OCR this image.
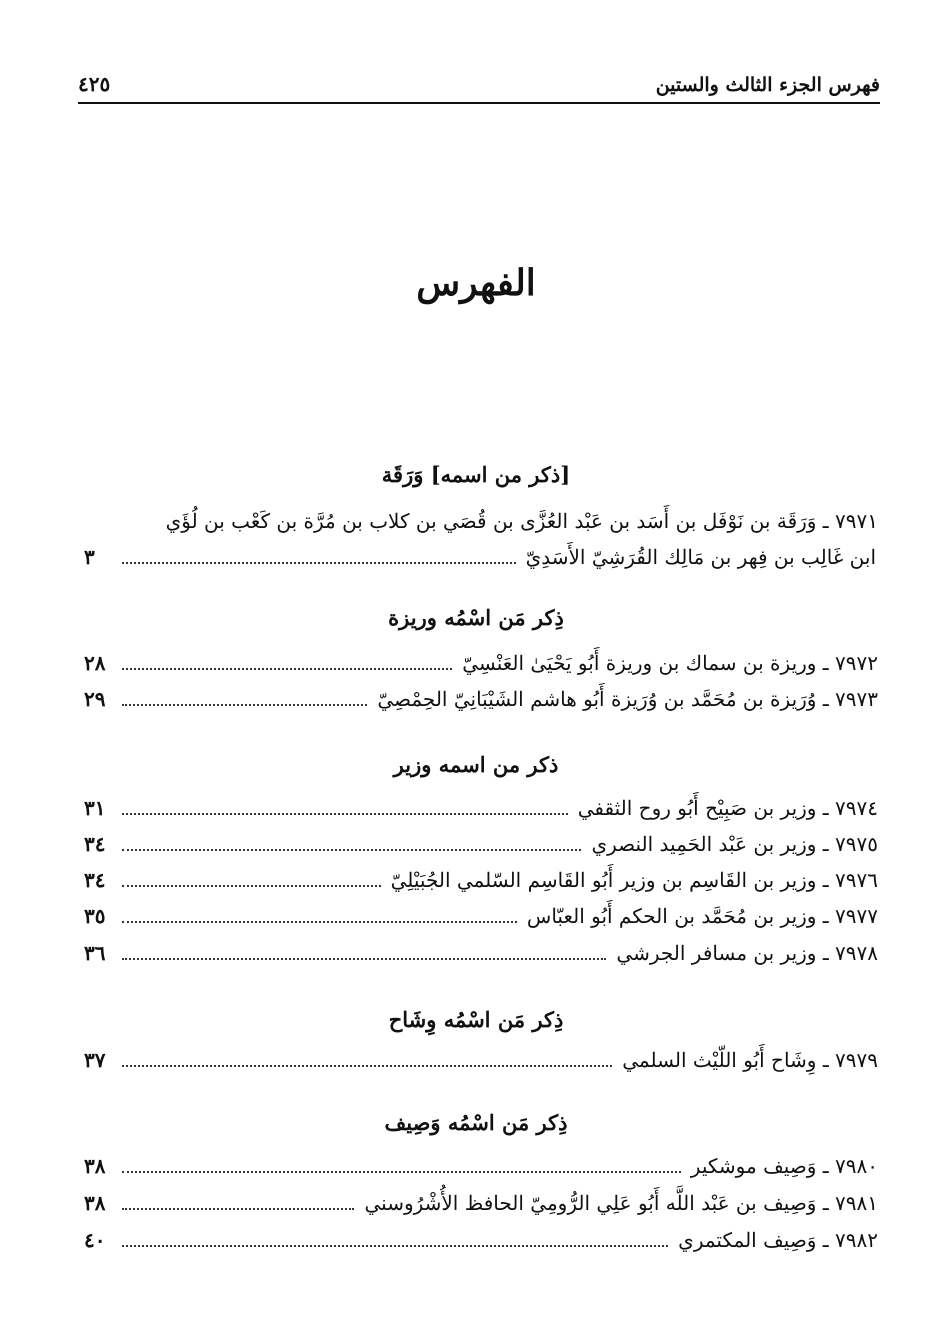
فهرس الجزء الثالث والستين
٤٢٥
الفهرس
[ذكر من اسمه] وَرَقَة
٧٩٧١ ـ وَرَقَة بن نَوْفَل بن أَسَد بن عَبْد العُزَّى بن قُصَي بن كلاب بن مُرَّة بن كَعْب بن لُؤَي
ابن غَالِب بن فِهر بن مَالِك القُرَشِيّ الأَسَدِيّ
٣
ذِكر مَن اسْمُه وريزة
٧٩٧٢ ـ وريزة بن سماك بن وريزة أَبُو يَحْيَىٰ العَنْسِيّ
٢٨
٧٩٧٣ ـ وُرَيزة بن مُحَمَّد بن وُرَيزة أَبُو هاشم الشَيْبَانِيّ الحِمْصِيّ
٢٩
ذكر من اسمه وزير
٧٩٧٤ ـ وزير بن صَبِيْح أَبُو روح الثقفي
٣١
٧٩٧٥ ـ وزير بن عَبْد الحَمِيد النصري
٣٤
٧٩٧٦ ـ وزير بن القَاسِم بن وزير أَبُو القَاسِم السّلمي الجُبَيْلِيّ
٣٤
٧٩٧٧ ـ وزير بن مُحَمَّد بن الحكم أَبُو العبّاس
٣٥
٧٩٧٨ ـ وزير بن مسافر الجرشي
٣٦
ذِكر مَن اسْمُه وِشَاح
٧٩٧٩ ـ وِشَاح أَبُو اللّيْث السلمي
٣٧
ذِكر مَن اسْمُه وَصِيف
٧٩٨٠ ـ وَصِيف موشكير
٣٨
٧٩٨١ ـ وَصِيف بن عَبْد اللَّه أَبُو عَلِي الرُّومِيّ الحافظ الأُشْرُوسني
٣٨
٧٩٨٢ ـ وَصِيف المكتمري
٤٠
